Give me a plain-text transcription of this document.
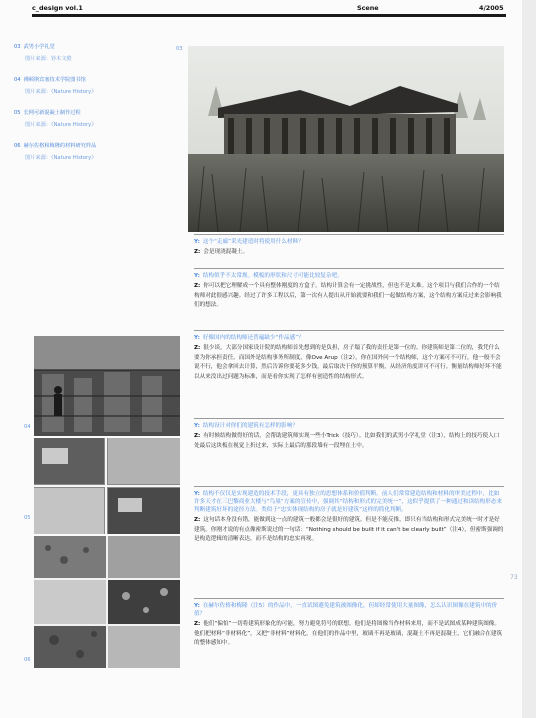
c_design vol.1	Scene	4/2005
03 武男小学礼堂
图片来源：铃木文倦
04 佛顿斯宾塞技术学院图书馆
图片来源：《Nature History》
05 长网可新混凝土制作过程
图片来源：《Nature History》
06 赫尔佐格和梅隆的材料研究样品
图片来源：《Nature History》
03
04
05
06
Y: 这个“走廊”采光建造时将使用什么材料？
Z: 会是现浇混凝土。
Y: 结构似乎不太常规。模板的形状和尺寸可能比较复杂吧。
Z: 你可以把它理解成一个具有整体刚度的方盒子。结构计算会有一定挑战性，但也不是太难。这个项目与我们合作的一个结构师对此很感兴趣。经过了许多工程以后，第一次有人提出从开始就要和我们一起做结构方案，这个结构方案反过来会影响我们的想法。
Y: 好像国内的结构师还普遍缺少“作品感”？
Z: 很少谈，大部分国家设计院的结构师首先想到的是负担，房子塌了我的责任是第一位的。你建筑师是第二位的，我凭什么要为你承担责任。而国外是结构事务所制度，像Ove Arup（注2），你在国外问一个结构师，这个方案可不可行，他一般不会说不行，他会拿回去计算，然后告诉你要花多少钱，最后取决于你的预算平衡，从经济角度讲可不可行。衡量结构师好坏不能以从来没出过问题为标准，而是看你实现了怎样有创造性的结构形式。
Y: 结构设计对你们的建筑有怎样的影响？
Z: 有时候结构做得好的话，会帮助建筑师实现一些小Trick（技巧）。比如我们的武男小学礼堂（注3），结构上的技巧使人口处最后这块板在视觉上折过来，实际上最后的那段墙有一段埋在土中。
Y: 结构不仅仅是实现建造的技术手段，更具有独立的思想体系和价值判断。前人们常常建造结构和材料的审美过程中，比如许多天才在三巴黎商业大楼与“鸟巢”方案的宣传中，强调其“结构和形式的完美统一”，这似乎提供了一种通过和读结构形态来判断建筑好坏的途径方法。类似于“忠实体现结构的房子就是好建筑”这样的简化判断。
Z: 这句话本身没有错，能做到这一点的建筑一般都会是很好的建筑。但是不能反推，即只有当结构和形式完美统一时才是好建筑。你刚才说的有点像密斯说过的一句话：“Nothing should be built if it can't be clearly built”（注4），但密斯强调的是构造逻辑的清晰表达，而不是结构的忠实再现。
Y: 在赫尔佐格和梅隆（注5）的作品中，一直试图避免建筑被图像化，但却经常使用大量图像，怎么认识图像在建筑中的价值？
Z: 他们“偏怕”一切将建筑形象化的可能，努力避免符号的联想。他们是将图像当作材料来用，而不是试图成某种建筑图像。他们把材料“非材料化”，又把“非材料”材料化。在他们的作品中里，玻璃不再是玻璃，混凝土不再是混凝土，它们融合在建筑的整体感知中。
73
